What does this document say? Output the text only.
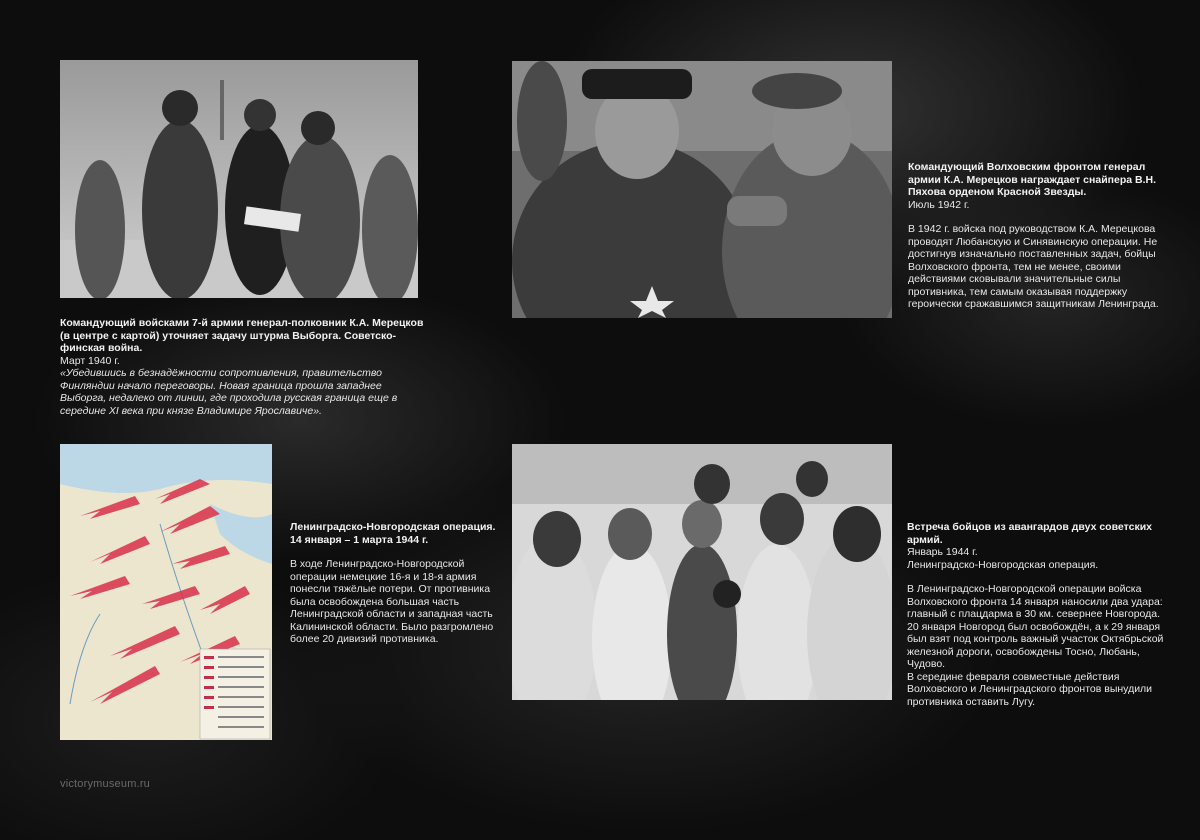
Командующий войсками 7-й армии генерал-полковник К.А. Мерецков (в центре с картой) уточняет задачу штурма Выборга. Советско-финская война.
Март 1940 г.
«Убедившись в безнадёжности сопротивления, правительство Финляндии начало переговоры. Новая граница прошла западнее Выборга, недалеко от линии, где проходила русская граница еще в середине XI века при князе Владимире Ярославиче».
Командующий Волховским фронтом генерал армии К.А. Мерецков награждает снайпера В.Н. Пяхова орденом Красной Звезды.
Июль 1942 г.

В 1942 г. войска под руководством К.А. Мерецкова проводят Любанскую и Синявинскую операции. Не достигнув изначально поставленных задач, бойцы Волховского фронта, тем не менее, своими действиями сковывали значительные силы противника, тем самым оказывая поддержку героически сражавшимся защитникам Ленинграда.

Ленинградско-Новгородская операция. 14 января – 1 марта 1944 г.

В ходе Ленинградско-Новгородской операции немецкие 16-я и 18-я армия понесли тяжёлые потери. От противника была освобождена большая часть Ленинградской области и западная часть Калининской области. Было разгромлено более 20 дивизий противника.

Встреча бойцов из авангардов двух советских армий.
Январь 1944 г.
Ленинградско-Новгородская операция.

В Ленинградско-Новгородской операции войска Волховского фронта 14 января наносили два удара: главный с плацдарма в 30 км. севернее Новгорода. 20 января Новгород был освобождён, а к 29 января был взят под контроль важный участок Октябрьской железной дороги, освобождены Тосно, Любань, Чудово.

В середине февраля совместные действия Волховского и Ленинградского фронтов вынудили противника оставить Лугу.
victorymuseum.ru
